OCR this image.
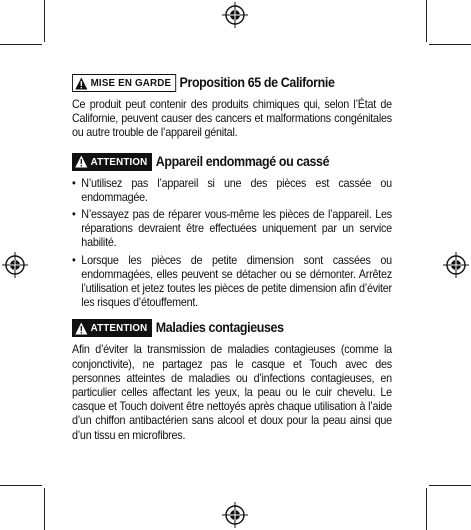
MISE EN GARDE Proposition 65 de Californie

Ce produit peut contenir des produits chimiques qui, selon l’État de Californie, peuvent causer des cancers et malformations congénitales ou autre trouble de l’appareil génital.

ATTENTION Appareil endommagé ou cassé
• N’utilisez pas l’appareil si une des pièces est cassée ou endommagée.
• N’essayez pas de réparer vous-même les pièces de l’appareil. Les réparations devraient être effectuées uniquement par un service habilité.
• Lorsque les pièces de petite dimension sont cassées ou endommagées, elles peuvent se détacher ou se démonter. Arrêtez l’utilisation et jetez toutes les pièces de petite dimension afin d’éviter les risques d’étouffement.
ATTENTION Maladies contagieuses

Afin d’éviter la transmission de maladies contagieuses (comme la conjonctivite), ne partagez pas le casque et Touch avec des personnes atteintes de maladies ou d’infections contagieuses, en particulier celles affectant les yeux, la peau ou le cuir chevelu. Le casque et Touch doivent être nettoyés après chaque utilisation à l’aide d’un chiffon antibactérien sans alcool et doux pour la peau ainsi que d’un tissu en microfibres.
